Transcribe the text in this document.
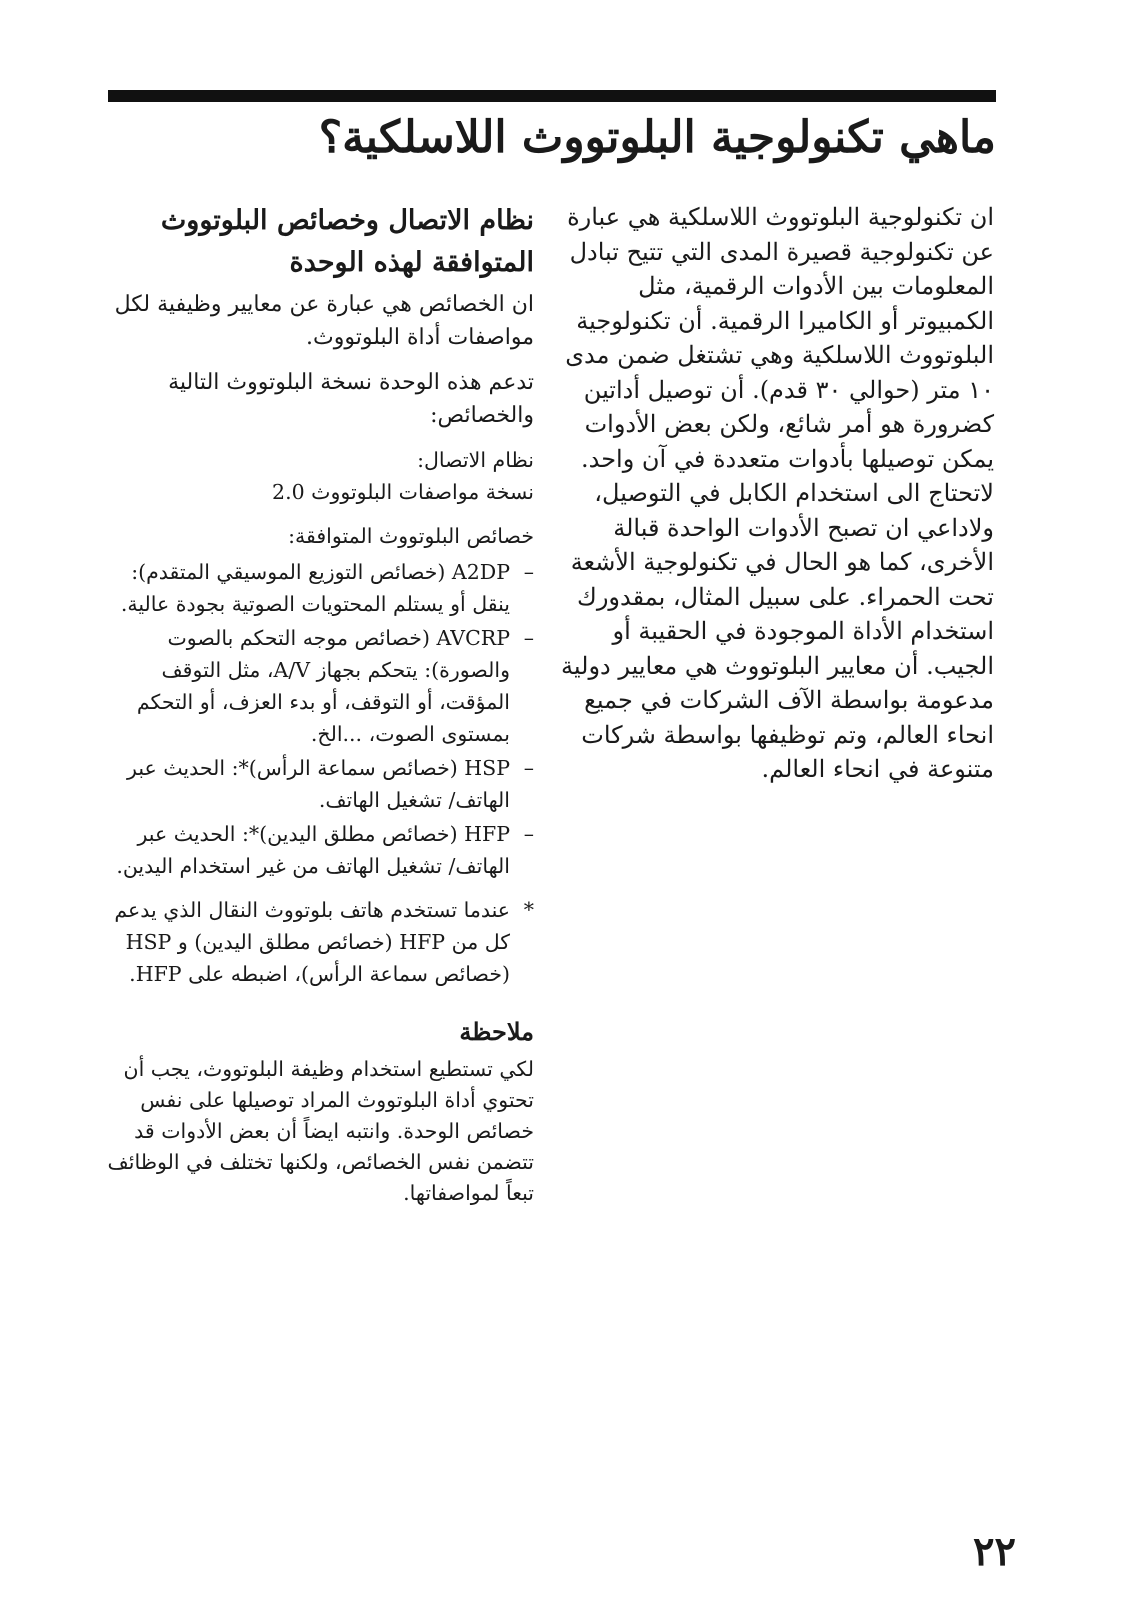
ماهي تكنولوجية البلوتووث اللاسلكية؟

ان تكنولوجية البلوتووث اللاسلكية هي عبارة عن تكنولوجية قصيرة المدى التي تتيح تبادل المعلومات بين الأدوات الرقمية، مثل الكمبيوتر أو الكاميرا الرقمية. أن تكنولوجية البلوتووث اللاسلكية وهي تشتغل ضمن مدى ١٠ متر (حوالي ٣٠ قدم). أن توصيل أداتين كضرورة هو أمر شائع، ولكن بعض الأدوات يمكن توصيلها بأدوات متعددة في آن واحد. لاتحتاج الى استخدام الكابل في التوصيل، ولاداعي ان تصبح الأدوات الواحدة قبالة الأخرى، كما هو الحال في تكنولوجية الأشعة تحت الحمراء. على سبيل المثال، بمقدورك استخدام الأداة الموجودة في الحقيبة أو الجيب. أن معايير البلوتووث هي معايير دولية مدعومة بواسطة الآف الشركات في جميع انحاء العالم، وتم توظيفها بواسطة شركات متنوعة في انحاء العالم.

نظام الاتصال وخصائص البلوتووث المتوافقة لهذه الوحدة

ان الخصائص هي عبارة عن معايير وظيفية لكل مواصفات أداة البلوتووث.

تدعم هذه الوحدة نسخة البلوتووث التالية والخصائص:

نظام الاتصال:

نسخة مواصفات البلوتووث 2.0

خصائص البلوتووث المتوافقة:

–
A2DP (خصائص التوزيع الموسيقي المتقدم): ينقل أو يستلم المحتويات الصوتية بجودة عالية.
–
AVCRP (خصائص موجه التحكم بالصوت والصورة): يتحكم بجهاز A/V، مثل التوقف المؤقت، أو التوقف، أو بدء العزف، أو التحكم بمستوى الصوت، ...الخ.
–
HSP (خصائص سماعة الرأس)*: الحديث عبر الهاتف/ تشغيل الهاتف.
–
HFP (خصائص مطلق اليدين)*: الحديث عبر الهاتف/ تشغيل الهاتف من غير استخدام اليدين.
*
عندما تستخدم هاتف بلوتووث النقال الذي يدعم كل من HFP (خصائص مطلق اليدين) و HSP (خصائص سماعة الرأس)، اضبطه على HFP.
ملاحظة

لكي تستطيع استخدام وظيفة البلوتووث، يجب أن تحتوي أداة البلوتووث المراد توصيلها على نفس خصائص الوحدة. وانتبه ايضاً أن بعض الأدوات قد تتضمن نفس الخصائص، ولكنها تختلف في الوظائف تبعاً لمواصفاتها.

٢٢
